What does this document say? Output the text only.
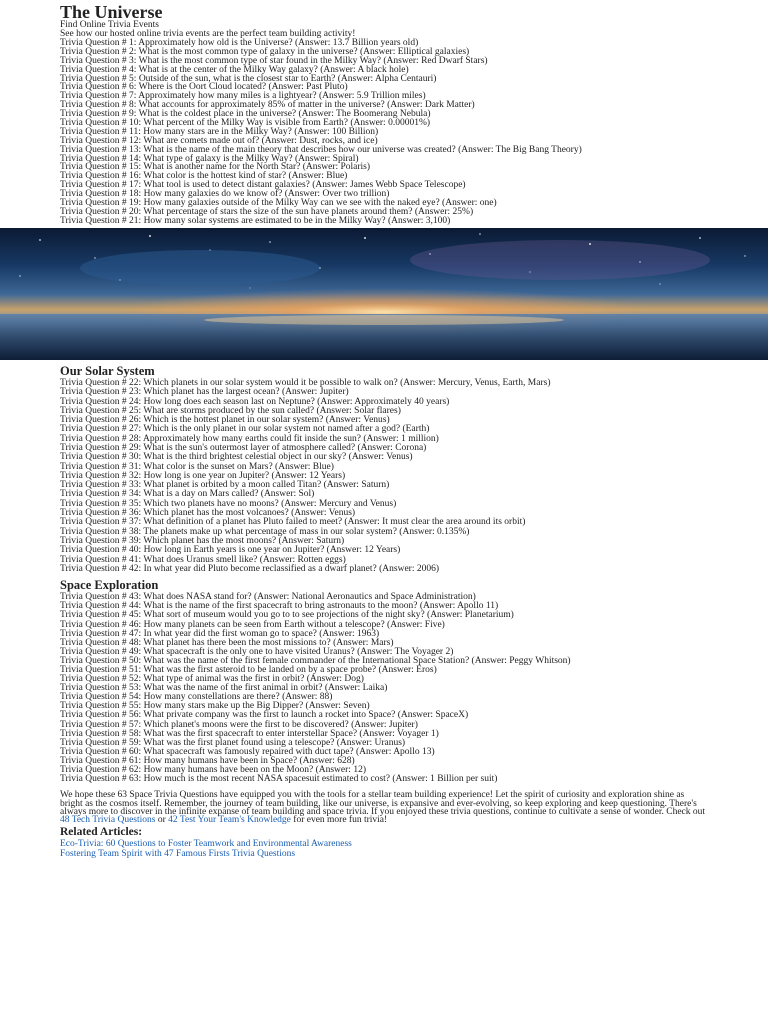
The Universe

Find Online Trivia Events

See how our hosted online trivia events are the perfect team building activity!

Trivia Question # 1: Approximately how old is the Universe? (Answer: 13.7 Billion years old)

Trivia Question # 2: What is the most common type of galaxy in the universe? (Answer: Elliptical galaxies)

Trivia Question # 3: What is the most common type of star found in the Milky Way? (Answer: Red Dwarf Stars)

Trivia Question # 4: What is at the center of the Milky Way galaxy? (Answer: A black hole)

Trivia Question # 5: Outside of the sun, what is the closest star to Earth? (Answer: Alpha Centauri)

Trivia Question # 6: Where is the Oort Cloud located? (Answer: Past Pluto)

Trivia Question # 7: Approximately how many miles is a lightyear? (Answer: 5.9 Trillion miles)

Trivia Question # 8: What accounts for approximately 85% of matter in the universe? (Answer: Dark Matter)

Trivia Question # 9: What is the coldest place in the universe? (Answer: The Boomerang Nebula)

Trivia Question # 10: What percent of the Milky Way is visible from Earth? (Answer: 0.00001%)

Trivia Question # 11: How many stars are in the Milky Way? (Answer: 100 Billion)

Trivia Question # 12: What are comets made out of? (Answer: Dust, rocks, and ice)

Trivia Question # 13: What is the name of the main theory that describes how our universe was created? (Answer: The Big Bang Theory)

Trivia Question # 14: What type of galaxy is the Milky Way? (Answer: Spiral)

Trivia Question # 15: What is another name for the North Star? (Answer: Polaris)

Trivia Question # 16: What color is the hottest kind of star? (Answer: Blue)

Trivia Question # 17: What tool is used to detect distant galaxies? (Answer: James Webb Space Telescope)

Trivia Question # 18: How many galaxies do we know of? (Answer: Over two trillion)

Trivia Question # 19: How many galaxies outside of the Milky Way can we see with the naked eye? (Answer: one)

Trivia Question # 20: What percentage of stars the size of the sun have planets around them? (Answer: 25%)

Trivia Question # 21: How many solar systems are estimated to be in the Milky Way? (Answer: 3,100)

Our Solar System

Trivia Question # 22: Which planets in our solar system would it be possible to walk on? (Answer: Mercury, Venus, Earth, Mars)

Trivia Question # 23: Which planet has the largest ocean? (Answer: Jupiter)

Trivia Question # 24: How long does each season last on Neptune? (Answer: Approximately 40 years)

Trivia Question # 25: What are storms produced by the sun called? (Answer: Solar flares)

Trivia Question # 26: Which is the hottest planet in our solar system? (Answer: Venus)

Trivia Question # 27: Which is the only planet in our solar system not named after a god? (Earth)

Trivia Question # 28: Approximately how many earths could fit inside the sun? (Answer: 1 million)

Trivia Question # 29: What is the sun's outermost layer of atmosphere called? (Answer: Corona)

Trivia Question # 30: What is the third brightest celestial object in our sky? (Answer: Venus)

Trivia Question # 31: What color is the sunset on Mars? (Answer: Blue)

Trivia Question # 32: How long is one year on Jupiter? (Answer: 12 Years)

Trivia Question # 33: What planet is orbited by a moon called Titan? (Answer: Saturn)

Trivia Question # 34: What is a day on Mars called? (Answer: Sol)

Trivia Question # 35: Which two planets have no moons? (Answer: Mercury and Venus)

Trivia Question # 36: Which planet has the most volcanoes? (Answer: Venus)

Trivia Question # 37: What definition of a planet has Pluto failed to meet? (Answer: It must clear the area around its orbit)

Trivia Question # 38: The planets make up what percentage of mass in our solar system? (Answer: 0.135%)

Trivia Question # 39: Which planet has the most moons? (Answer: Saturn)

Trivia Question # 40: How long in Earth years is one year on Jupiter? (Answer: 12 Years)

Trivia Question # 41: What does Uranus smell like? (Answer: Rotten eggs)

Trivia Question # 42: In what year did Pluto become reclassified as a dwarf planet? (Answer: 2006)

Space Exploration

Trivia Question # 43: What does NASA stand for? (Answer: National Aeronautics and Space Administration)

Trivia Question # 44: What is the name of the first spacecraft to bring astronauts to the moon? (Answer: Apollo 11)

Trivia Question # 45: What sort of museum would you go to to see projections of the night sky? (Answer: Planetarium)

Trivia Question # 46: How many planets can be seen from Earth without a telescope? (Answer: Five)

Trivia Question # 47: In what year did the first woman go to space? (Answer: 1963)

Trivia Question # 48: What planet has there been the most missions to? (Answer: Mars)

Trivia Question # 49: What spacecraft is the only one to have visited Uranus? (Answer: The Voyager 2)

Trivia Question # 50: What was the name of the first female commander of the International Space Station? (Answer: Peggy Whitson)

Trivia Question # 51: What was the first asteroid to be landed on by a space probe? (Answer: Eros)

Trivia Question # 52: What type of animal was the first in orbit? (Answer: Dog)

Trivia Question # 53: What was the name of the first animal in orbit? (Answer: Laika)

Trivia Question # 54: How many constellations are there? (Answer: 88)

Trivia Question # 55: How many stars make up the Big Dipper? (Answer: Seven)

Trivia Question # 56: What private company was the first to launch a rocket into Space? (Answer: SpaceX)

Trivia Question # 57: Which planet's moons were the first to be discovered? (Answer: Jupiter)

Trivia Question # 58: What was the first spacecraft to enter interstellar Space? (Answer: Voyager 1)

Trivia Question # 59: What was the first planet found using a telescope? (Answer: Uranus)

Trivia Question # 60: What spacecraft was famously repaired with duct tape? (Answer: Apollo 13)

Trivia Question # 61: How many humans have been in Space? (Answer: 628)

Trivia Question # 62: How many humans have been on the Moon? (Answer: 12)

Trivia Question # 63: How much is the most recent NASA spacesuit estimated to cost? (Answer: 1 Billion per suit)

We hope these 63 Space Trivia Questions have equipped you with the tools for a stellar team building experience! Let the spirit of curiosity and exploration shine as bright as the cosmos itself. Remember, the journey of team building, like our universe, is expansive and ever-evolving, so keep exploring and keep questioning. There's always more to discover in the infinite expanse of team building and space trivia. If you enjoyed these trivia questions, continue to cultivate a sense of wonder. Check out 48 Tech Trivia Questions or 42 Test Your Team's Knowledge for even more fun trivia!

Related Articles:

Eco-Trivia: 60 Questions to Foster Teamwork and Environmental Awareness

Fostering Team Spirit with 47 Famous Firsts Trivia Questions
